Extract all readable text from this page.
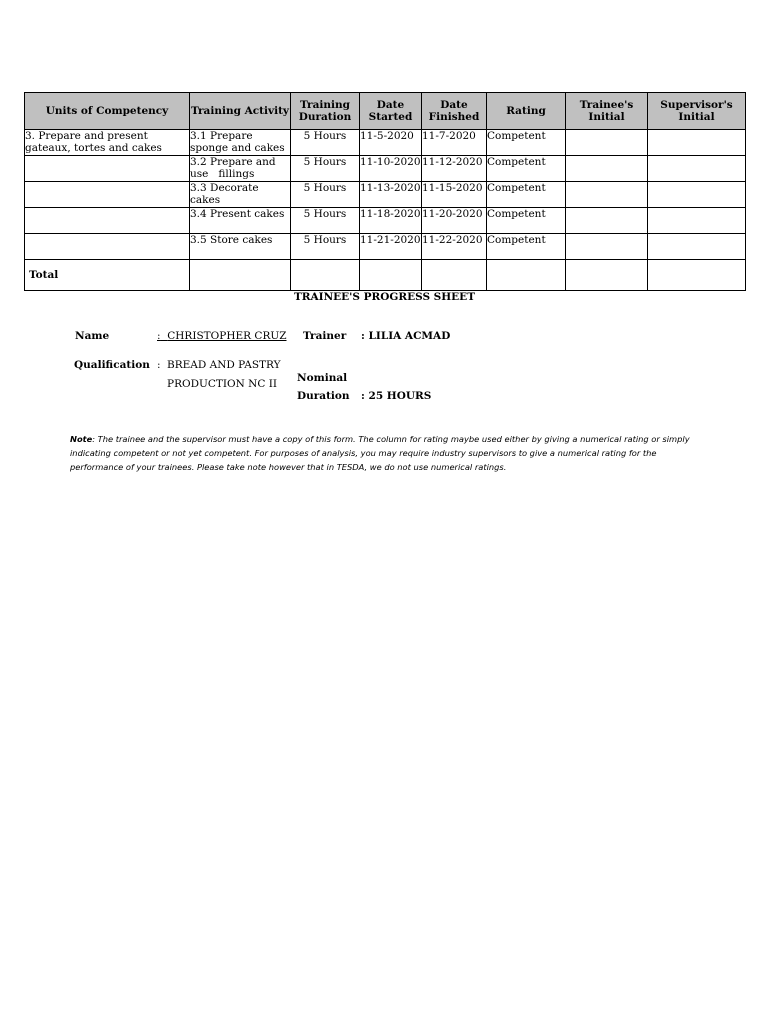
Units of Competency	Training Activity	Training Duration	Date Started	Date Finished	Rating	Trainee's Initial	Supervisor's Initial
3. Prepare and present gateaux, tortes and cakes	3.1 Prepare sponge and cakes	5 Hours	11-5-2020	11-7-2020	Competent		
	3.2 Prepare and use   fillings	5 Hours	11-10-2020	11-12-2020	Competent		
	3.3 Decorate cakes	5 Hours	11-13-2020	11-15-2020	Competent		
	3.4 Present cakes	5 Hours	11-18-2020	11-20-2020	Competent		
	3.5 Store cakes	5 Hours	11-21-2020	11-22-2020	Competent		
Total							
TRAINEE'S PROGRESS SHEET
Name	: CHRISTOPHER CRUZ Trainer : LILIA ACMAD
Qualification : BREAD AND PASTRY
PRODUCTION NC II Nominal
Duration : 25 HOURS
Note: The trainee and the supervisor must have a copy of this form. The column for rating maybe used either by giving a numerical rating or simply indicating competent or not yet competent. For purposes of analysis, you may require industry supervisors to give a numerical rating for the performance of your trainees. Please take note however that in TESDA, we do not use numerical ratings.
